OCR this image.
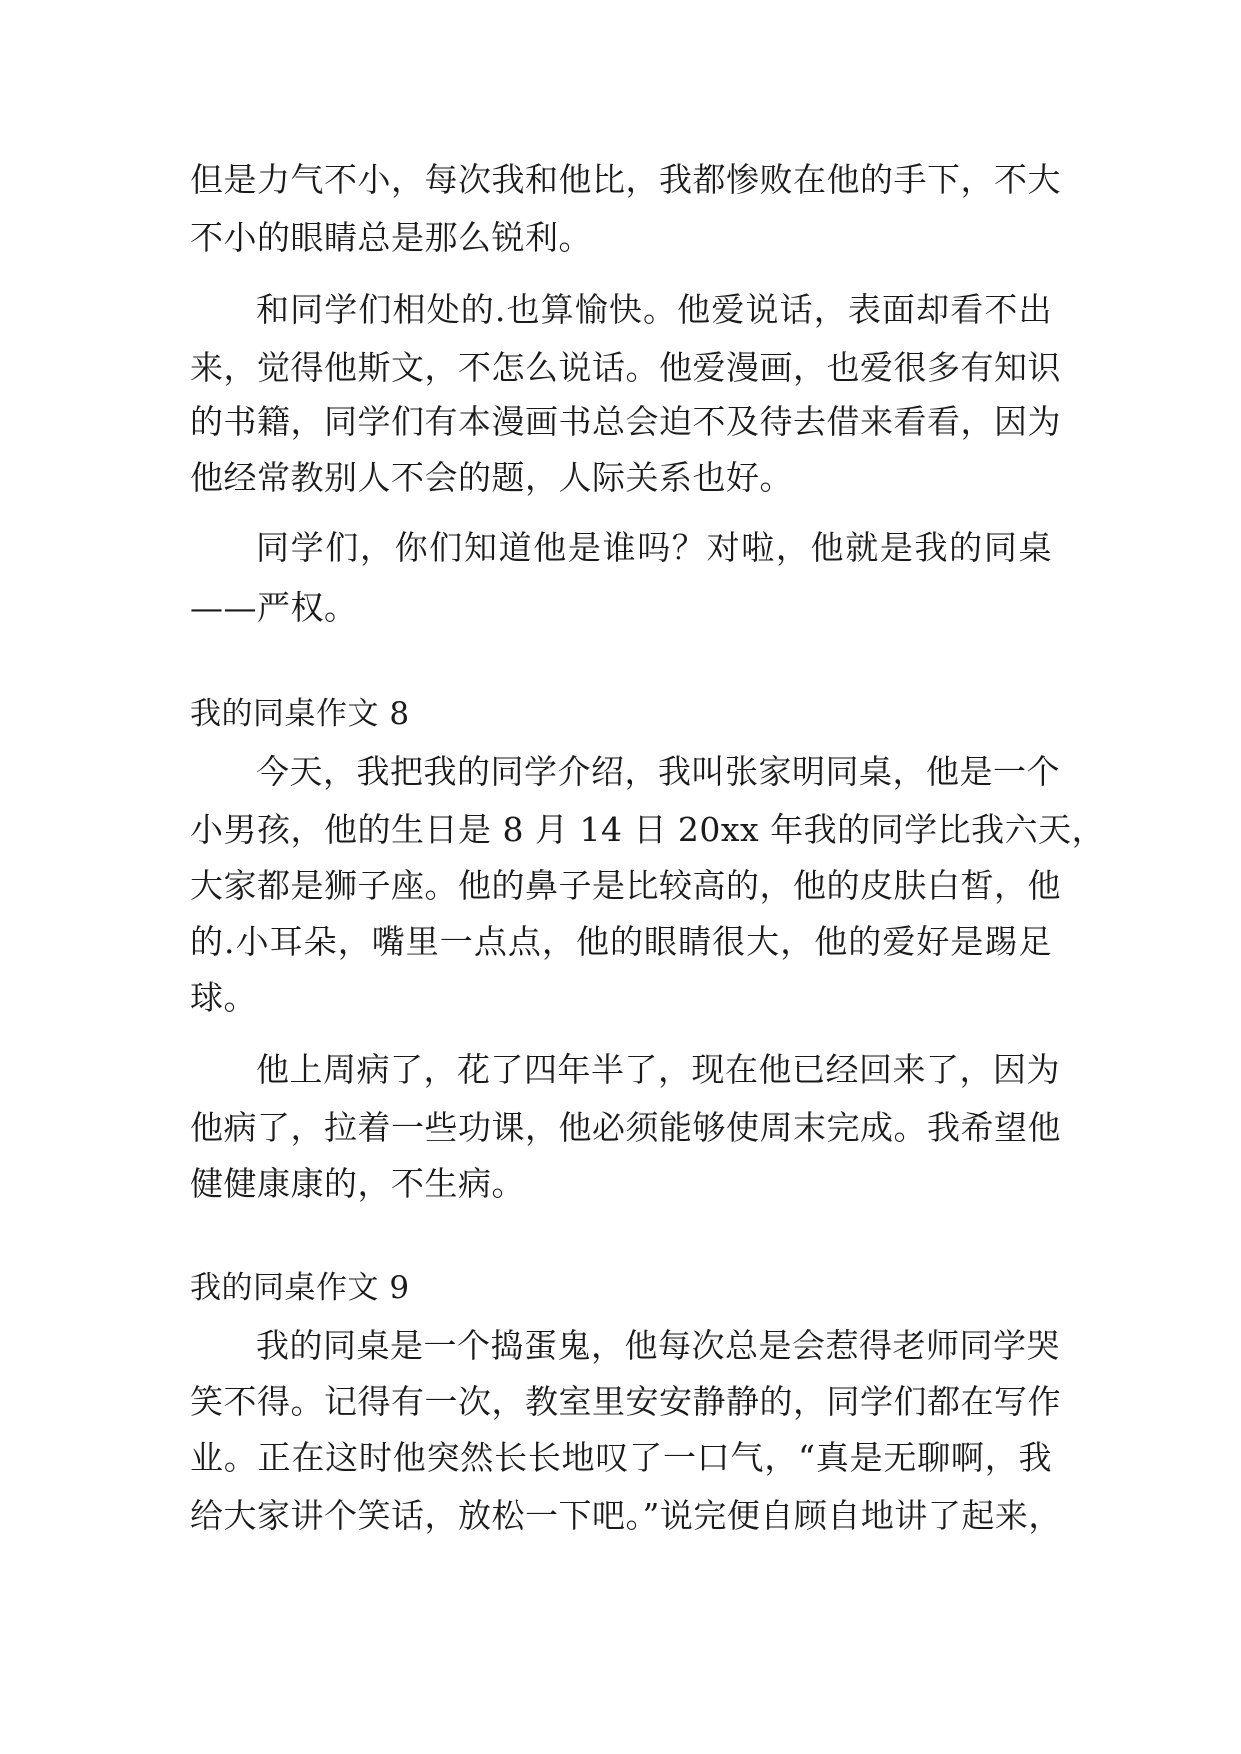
但是力气不小，每次我和他比，我都惨败在他的手下，不大
不小的眼睛总是那么锐利。
和同学们相处的.也算愉快。他爱说话，表面却看不出
来，觉得他斯文，不怎么说话。他爱漫画，也爱很多有知识
的书籍，同学们有本漫画书总会迫不及待去借来看看，因为
他经常教别人不会的题，人际关系也好。
同学们，你们知道他是谁吗？对啦，他就是我的同桌
——严权。
我的同桌作文 8
今天，我把我的同学介绍，我叫张家明同桌，他是一个
小男孩，他的生日是 8 月 14 日 20xx 年我的同学比我六天，
大家都是狮子座。他的鼻子是比较高的，他的皮肤白皙，他
的.小耳朵，嘴里一点点，他的眼睛很大，他的爱好是踢足
球。
他上周病了，花了四年半了，现在他已经回来了，因为
他病了，拉着一些功课，他必须能够使周末完成。我希望他
健健康康的，不生病。
我的同桌作文 9
我的同桌是一个捣蛋鬼，他每次总是会惹得老师同学哭
笑不得。记得有一次，教室里安安静静的，同学们都在写作
业。正在这时他突然长长地叹了一口气，“真是无聊啊，我
给大家讲个笑话，放松一下吧。”说完便自顾自地讲了起来，
